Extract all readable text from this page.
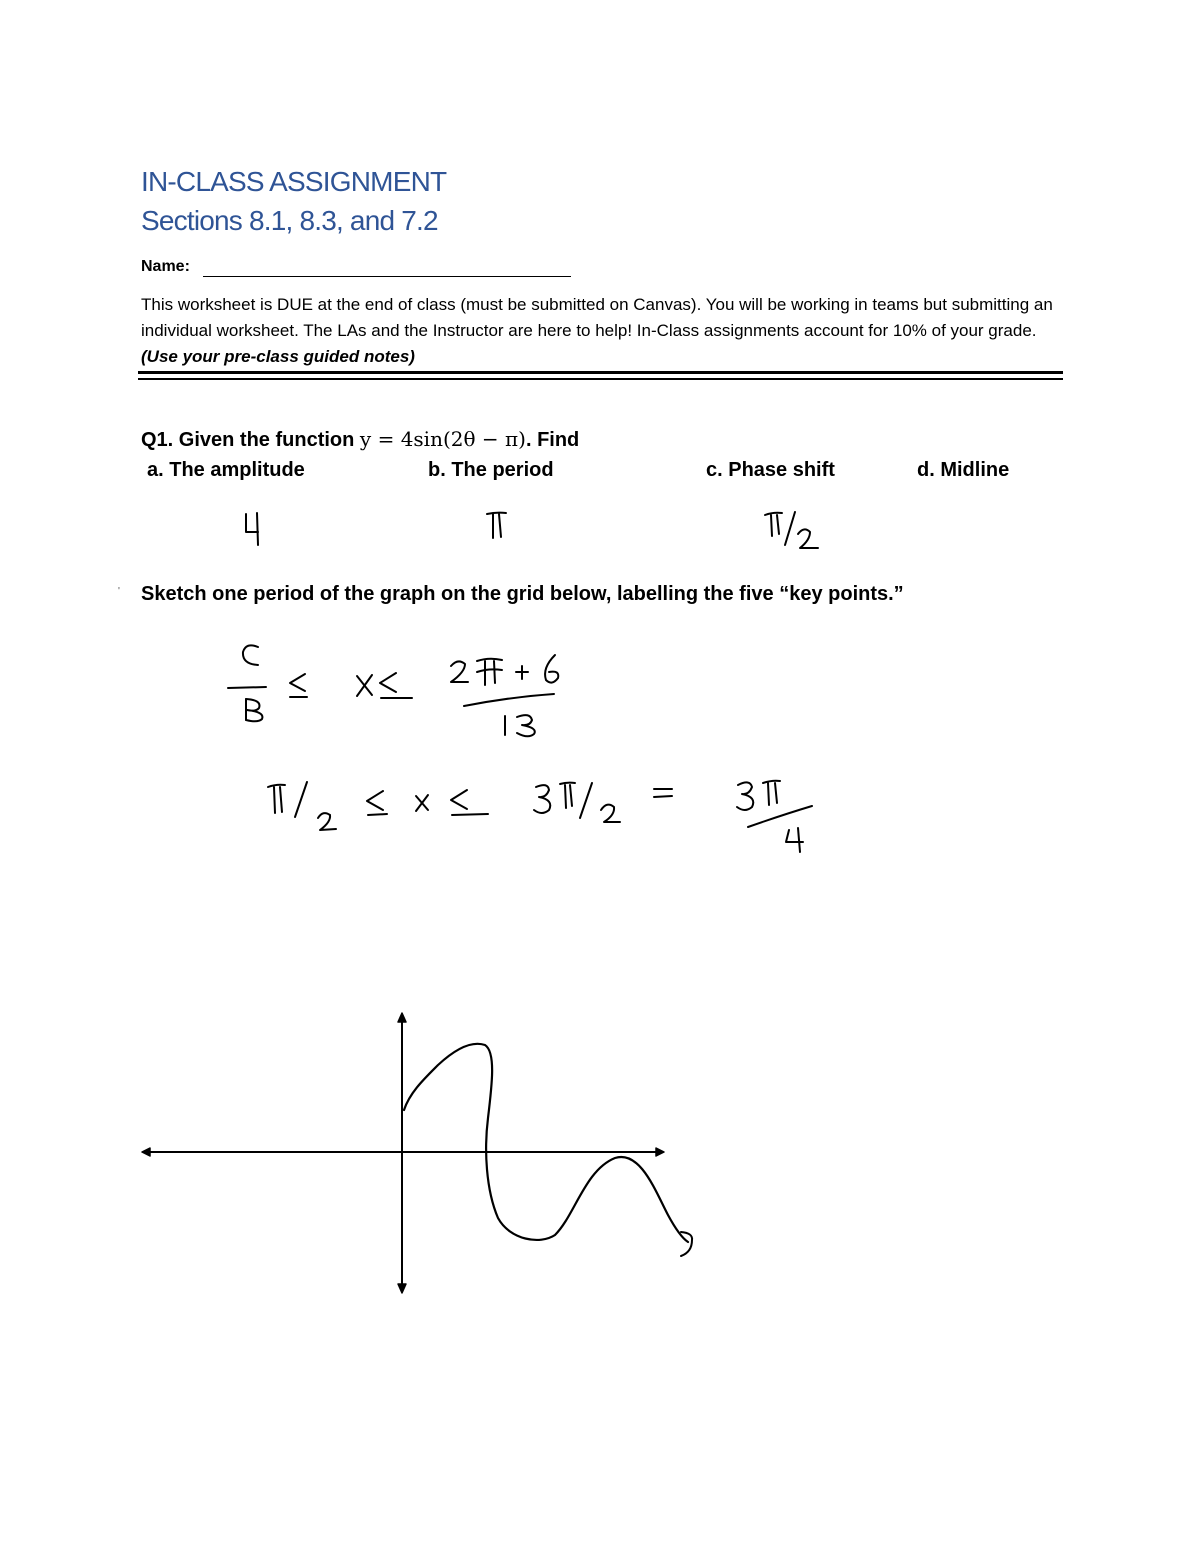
IN-CLASS ASSIGNMENT
Sections 8.1, 8.3, and 7.2
Name:
This worksheet is DUE at the end of class (must be submitted on Canvas). You will be working in teams but submitting an individual worksheet. The LAs and the Instructor are here to help! In-Class assignments account for 10% of your grade. (Use your pre-class guided notes)
Q1. Given the function y = 4sin(2θ − π). Find
a. The amplitude	b. The period	c. Phase shift	d. Midline
' Sketch one period of the graph on the grid below, labelling the five “key points.”
